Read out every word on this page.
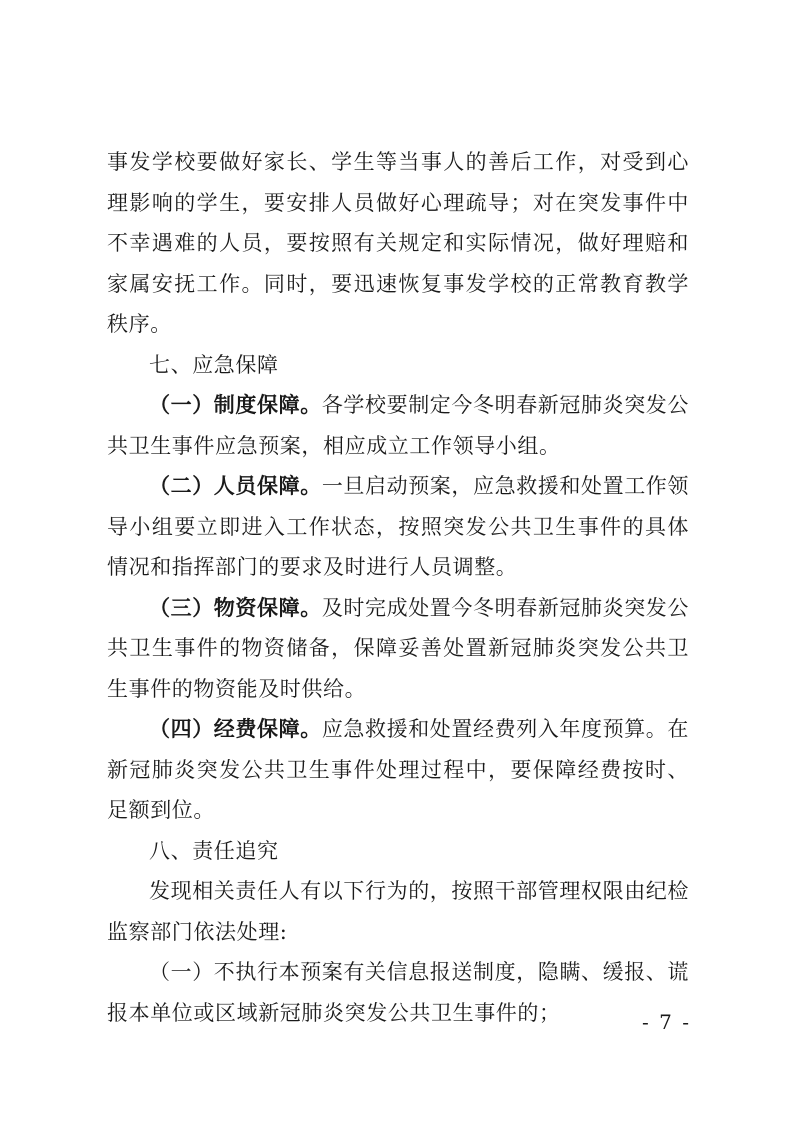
事发学校要做好家长、学生等当事人的善后工作，对受到心理影响的学生，要安排人员做好心理疏导；对在突发事件中不幸遇难的人员，要按照有关规定和实际情况，做好理赔和家属安抚工作。同时，要迅速恢复事发学校的正常教育教学秩序。

七、应急保障

（一）制度保障。各学校要制定今冬明春新冠肺炎突发公共卫生事件应急预案，相应成立工作领导小组。

（二）人员保障。一旦启动预案，应急救援和处置工作领导小组要立即进入工作状态，按照突发公共卫生事件的具体情况和指挥部门的要求及时进行人员调整。

（三）物资保障。及时完成处置今冬明春新冠肺炎突发公共卫生事件的物资储备，保障妥善处置新冠肺炎突发公共卫生事件的物资能及时供给。

（四）经费保障。应急救援和处置经费列入年度预算。在新冠肺炎突发公共卫生事件处理过程中，要保障经费按时、足额到位。

八、责任追究

发现相关责任人有以下行为的，按照干部管理权限由纪检监察部门依法处理:

（一）不执行本预案有关信息报送制度，隐瞒、缓报、谎报本单位或区域新冠肺炎突发公共卫生事件的；	- 7 -
